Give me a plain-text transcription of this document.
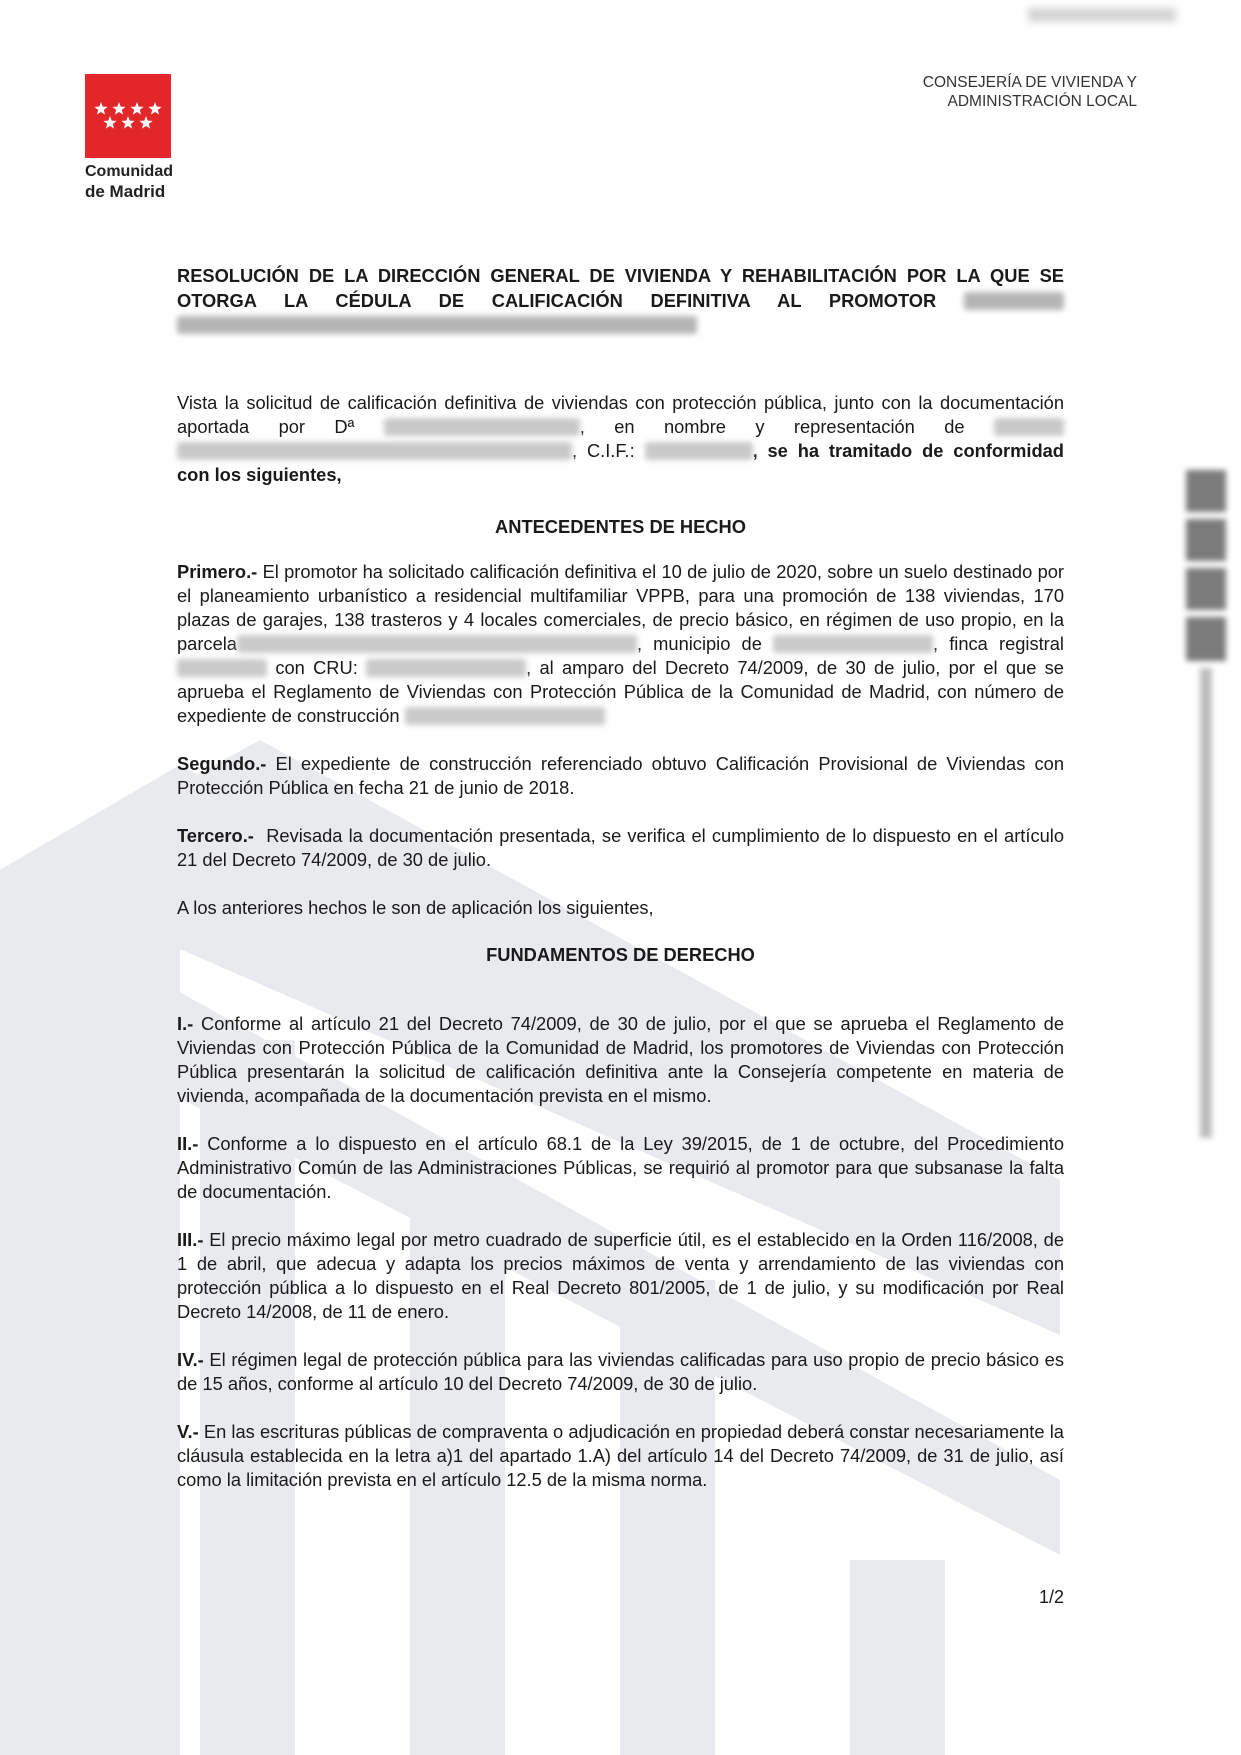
Comunidad
de Madrid
CONSEJERÍA DE VIVIENDA Y
ADMINISTRACIÓN LOCAL

RESOLUCIÓN DE LA DIRECCIÓN GENERAL DE VIVIENDA Y REHABILITACIÓN POR LA QUE SE OTORGA LA CÉDULA DE CALIFICACIÓN DEFINITIVA AL PROMOTOR

Vista la solicitud de calificación definitiva de viviendas con protección pública, junto con la documentación aportada por Dª	, en nombre y representación de  , C.I.F.:	, se ha tramitado de conformidad con los siguientes,

ANTECEDENTES DE HECHO

Primero.- El promotor ha solicitado calificación definitiva el 10 de julio de 2020, sobre un suelo destinado por el planeamiento urbanístico a residencial multifamiliar VPPB, para una promoción de 138 viviendas, 170 plazas de garajes, 138 trasteros y 4 locales comerciales, de precio básico, en régimen de uso propio, en la parcela	, municipio de	, finca registral  con CRU:	, al amparo del Decreto 74/2009, de 30 de julio, por el que se aprueba el Reglamento de Viviendas con Protección Pública de la Comunidad de Madrid, con número de expediente de construcción

Segundo.- El expediente de construcción referenciado obtuvo Calificación Provisional de Viviendas con Protección Pública en fecha 21 de junio de 2018.

Tercero.- Revisada la documentación presentada, se verifica el cumplimiento de lo dispuesto en el artículo 21 del Decreto 74/2009, de 30 de julio.

A los anteriores hechos le son de aplicación los siguientes,

FUNDAMENTOS DE DERECHO

I.- Conforme al artículo 21 del Decreto 74/2009, de 30 de julio, por el que se aprueba el Reglamento de Viviendas con Protección Pública de la Comunidad de Madrid, los promotores de Viviendas con Protección Pública presentarán la solicitud de calificación definitiva ante la Consejería competente en materia de vivienda, acompañada de la documentación prevista en el mismo.

II.- Conforme a lo dispuesto en el artículo 68.1 de la Ley 39/2015, de 1 de octubre, del Procedimiento Administrativo Común de las Administraciones Públicas, se requirió al promotor para que subsanase la falta de documentación.

III.- El precio máximo legal por metro cuadrado de superficie útil, es el establecido en la Orden 116/2008, de 1 de abril, que adecua y adapta los precios máximos de venta y arrendamiento de las viviendas con protección pública a lo dispuesto en el Real Decreto 801/2005, de 1 de julio, y su modificación por Real Decreto 14/2008, de 11 de enero.

IV.- El régimen legal de protección pública para las viviendas calificadas para uso propio de precio básico es de 15 años, conforme al artículo 10 del Decreto 74/2009, de 30 de julio.

V.- En las escrituras públicas de compraventa o adjudicación en propiedad deberá constar necesariamente la cláusula establecida en la letra a)1 del apartado 1.A) del artículo 14 del Decreto 74/2009, de 31 de julio, así como la limitación prevista en el artículo 12.5 de la misma norma.

1/2
